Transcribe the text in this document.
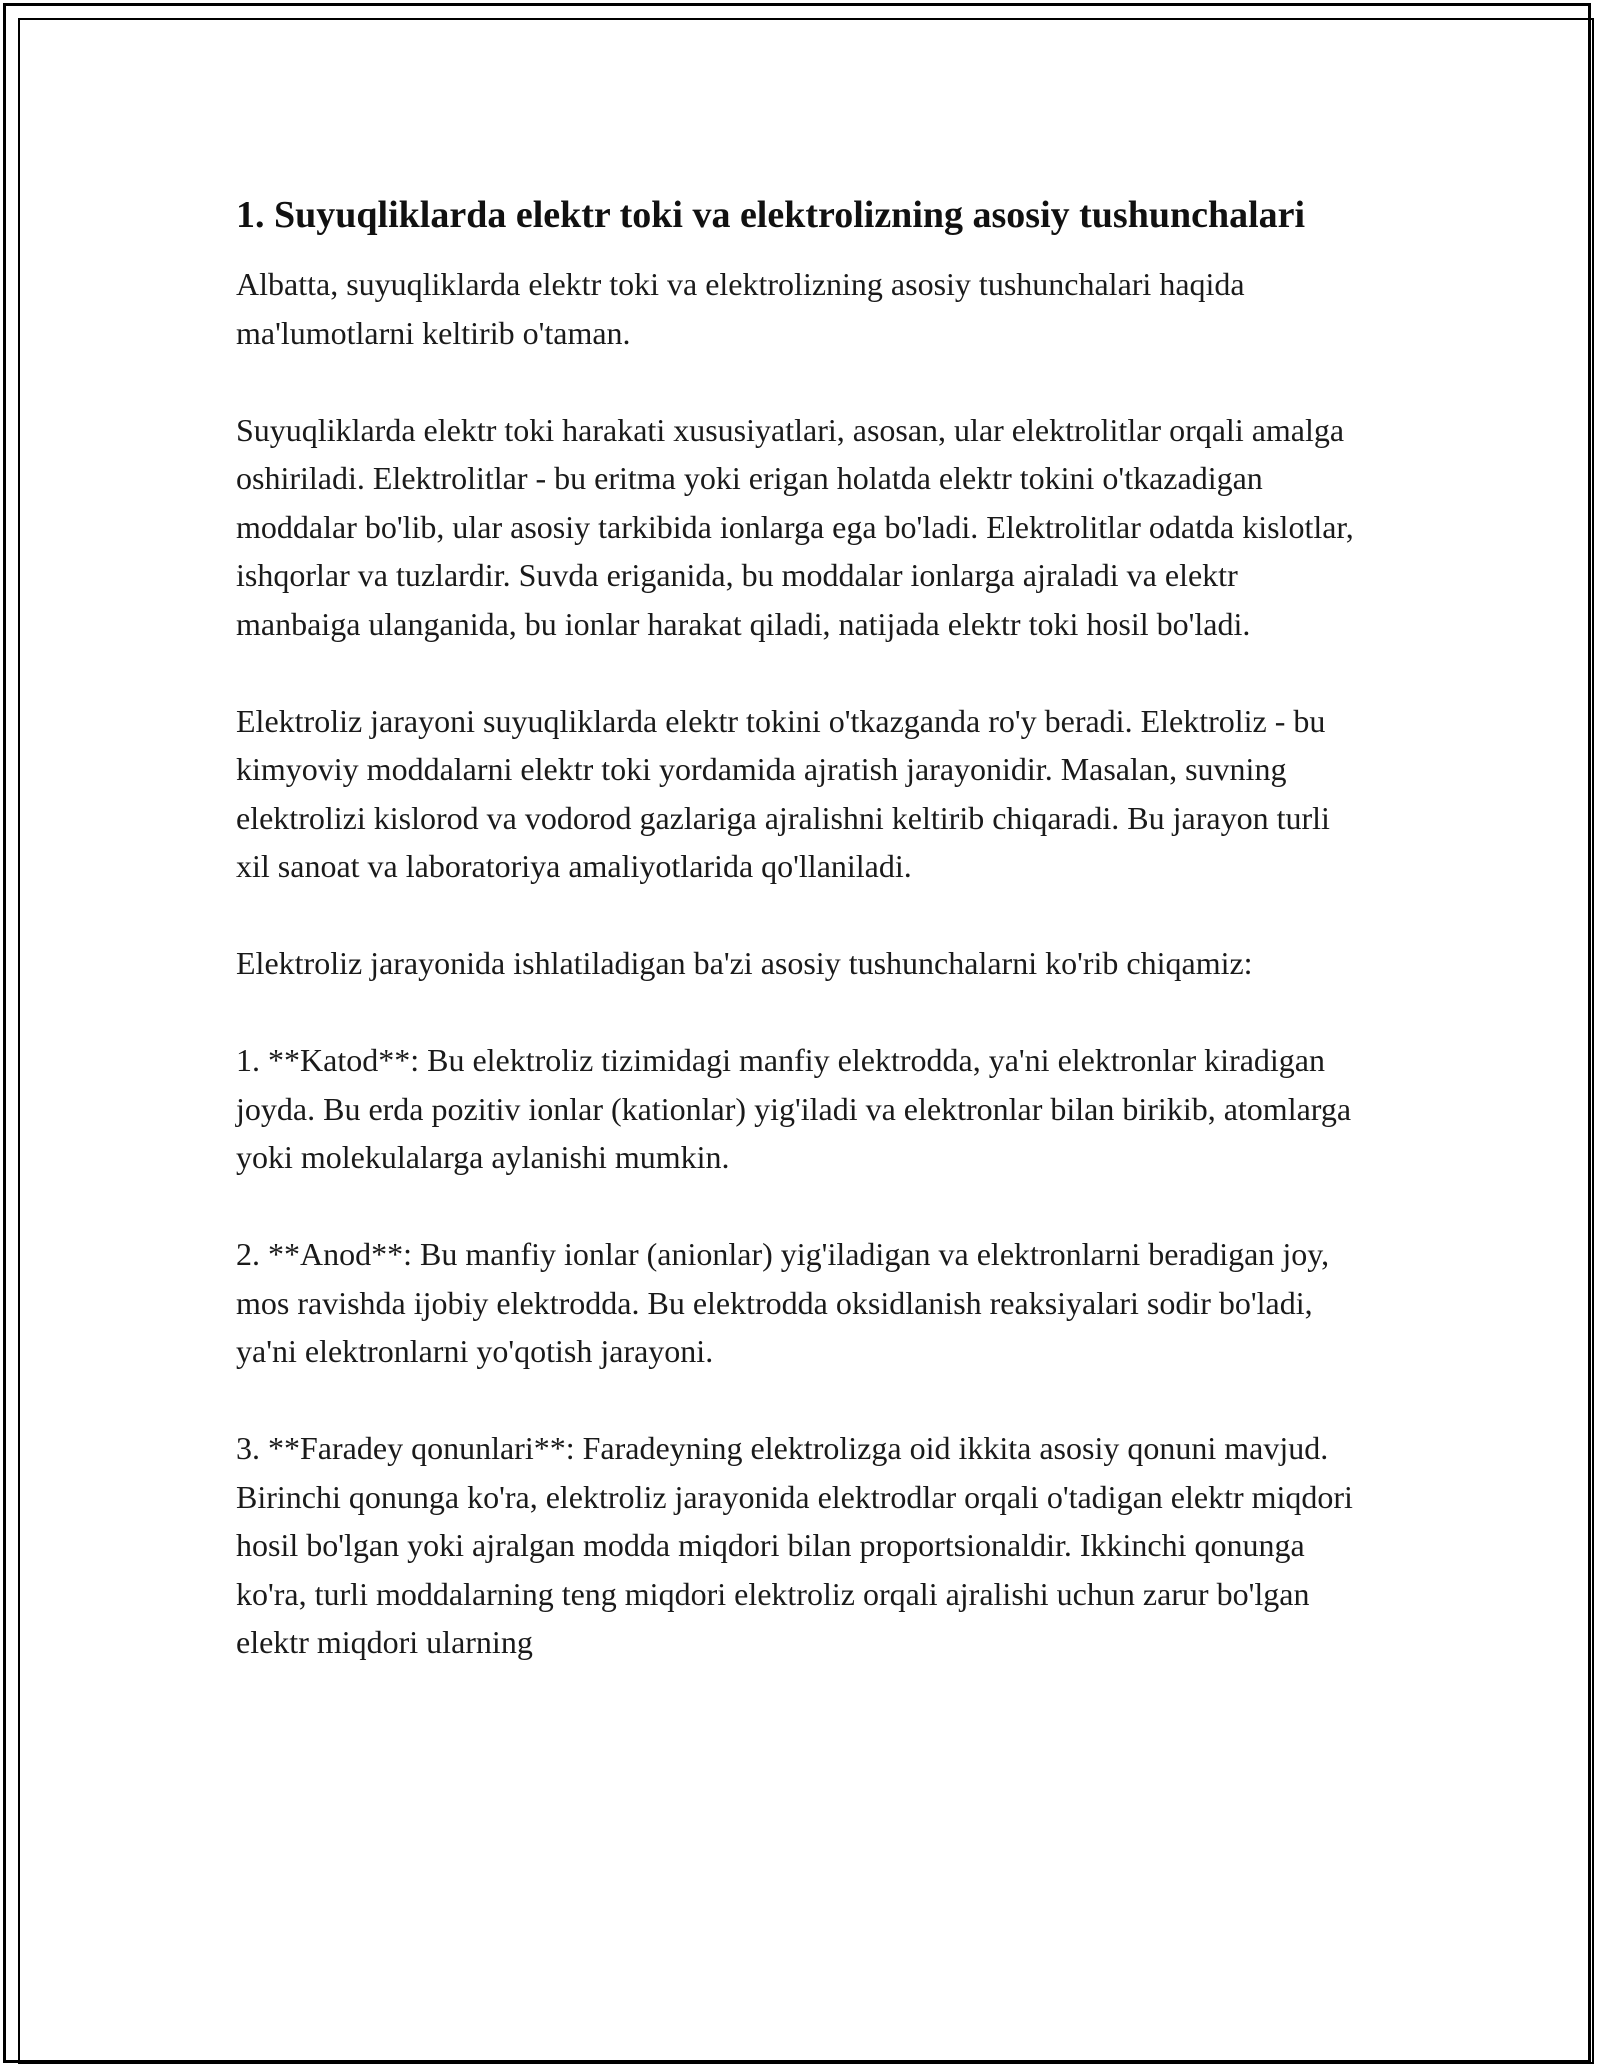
1. Suyuqliklarda elektr toki va elektrolizning asosiy tushunchalari

Albatta, suyuqliklarda elektr toki va elektrolizning asosiy tushunchalari haqida ma'lumotlarni keltirib o'taman.

Suyuqliklarda elektr toki harakati xususiyatlari, asosan, ular elektrolitlar orqali amalga oshiriladi. Elektrolitlar - bu eritma yoki erigan holatda elektr tokini o'tkazadigan moddalar bo'lib, ular asosiy tarkibida ionlarga ega bo'ladi. Elektrolitlar odatda kislotlar, ishqorlar va tuzlardir. Suvda eriganida, bu moddalar ionlarga ajraladi va elektr manbaiga ulanganida, bu ionlar harakat qiladi, natijada elektr toki hosil bo'ladi.

Elektroliz jarayoni suyuqliklarda elektr tokini o'tkazganda ro'y beradi. Elektroliz - bu kimyoviy moddalarni elektr toki yordamida ajratish jarayonidir. Masalan, suvning elektrolizi kislorod va vodorod gazlariga ajralishni keltirib chiqaradi. Bu jarayon turli xil sanoat va laboratoriya amaliyotlarida qo'llaniladi.

Elektroliz jarayonida ishlatiladigan ba'zi asosiy tushunchalarni ko'rib chiqamiz:

1. **Katod**: Bu elektroliz tizimidagi manfiy elektrodda, ya'ni elektronlar kiradigan joyda. Bu erda pozitiv ionlar (kationlar) yig'iladi va elektronlar bilan birikib, atomlarga yoki molekulalarga aylanishi mumkin.

2. **Anod**: Bu manfiy ionlar (anionlar) yig'iladigan va elektronlarni beradigan joy, mos ravishda ijobiy elektrodda. Bu elektrodda oksidlanish reaksiyalari sodir bo'ladi, ya'ni elektronlarni yo'qotish jarayoni.

3. **Faradey qonunlari**: Faradeyning elektrolizga oid ikkita asosiy qonuni mavjud. Birinchi qonunga ko'ra, elektroliz jarayonida elektrodlar orqali o'tadigan elektr miqdori hosil bo'lgan yoki ajralgan modda miqdori bilan proportsionaldir. Ikkinchi qonunga ko'ra, turli moddalarning teng miqdori elektroliz orqali ajralishi uchun zarur bo'lgan elektr miqdori ularning
